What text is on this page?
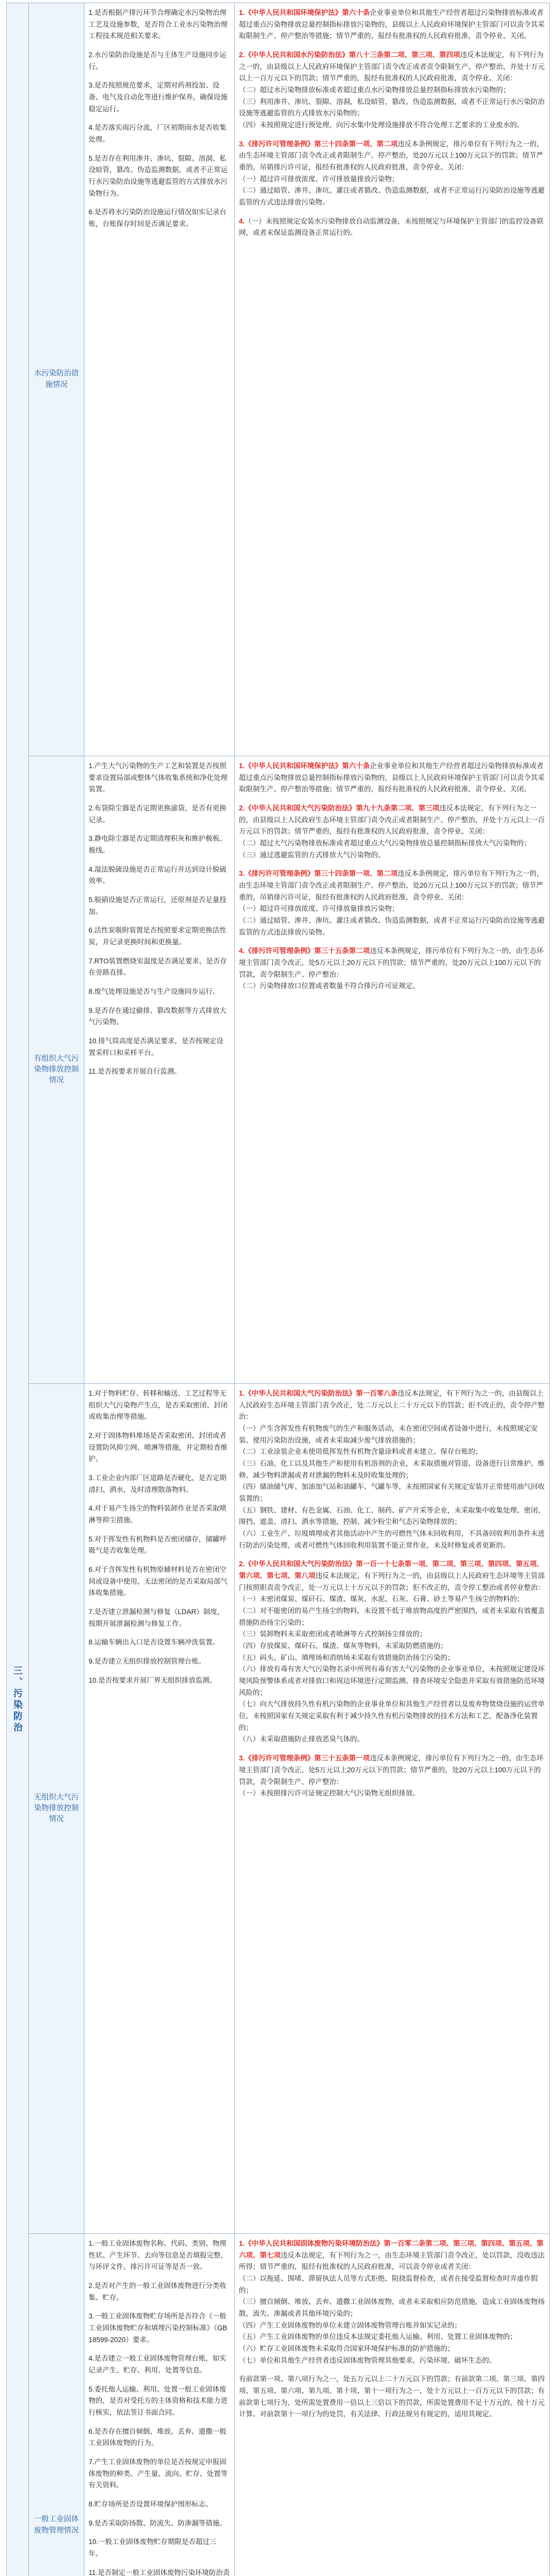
三、污染防治
水污染防治措施情况

1.是否根据产排污环节合理确定水污染物治理工艺及设施参数，是否符合工业水污染物治理工程技术规范相关要求。

2.水污染防治设施是否与主体生产设施同步运行。

3.是否按照规范要求，定期对药剂投加、设备、电气及自动化等进行维护保养，确保设施稳定运行。

4.是否落实雨污分流，厂区初期雨水是否收集处理。

5.是否存在利用渗井、渗坑、裂隙、溶洞、私设暗管，篡改、伪造监测数据，或者不正常运行水污染防治设施等逃避监管的方式排放水污染物行为。

6.是否将水污染防治设施运行情况如实记录台账，台账保存时间是否满足要求。

1.《中华人民共和国环境保护法》第六十条企业事业单位和其他生产经营者超过污染物排放标准或者超过重点污染物排放总量控制指标排放污染物的，县级以上人民政府环境保护主管部门可以责令其采取限制生产、停产整治等措施；情节严重的，报经有批准权的人民政府批准，责令停业、关闭。
2.《中华人民共和国水污染防治法》第八十三条第二项、第三项、第四项违反本法规定，有下列行为之一的，由县级以上人民政府环境保护主管部门责令改正或者责令限制生产、停产整治，并处十万元以上一百万元以下的罚款；情节严重的，报经有批准权的人民政府批准，责令停业、关闭：
（二）超过水污染物排放标准或者超过重点水污染物排放总量控制指标排放水污染物的；
（三）利用渗井、渗坑、裂隙、溶洞，私设暗管，篡改、伪造监测数据，或者不正常运行水污染防治设施等逃避监管的方式排放水污染物的；
（四）未按照规定进行预处理，向污水集中处理设施排放不符合处理工艺要求的工业废水的。
3.《排污许可管理条例》第三十四条第一项、第二项违反本条例规定，排污单位有下列行为之一的，由生态环境主管部门责令改正或者限制生产、停产整治，处20万元以上100万元以下的罚款；情节严重的，吊销排污许可证，报经有批准权的人民政府批准，责令停业、关闭：
（一）超过许可排放浓度、许可排放量排放污染物；
（二）通过暗管、渗井、渗坑、灌注或者篡改、伪造监测数据，或者不正常运行污染防治设施等逃避监管的方式违法排放污染物。
4.（一）未按照规定安装水污染物排放自动监测设备，未按照规定与环境保护主管部门的监控设备联网，或者未保证监测设备正常运行的。
有组织大气污染物排放控制情况

1.产生大气污染物的生产工艺和装置是否按照要求设置局部或整体气体收集系统和净化处理装置。

2.布袋除尘器是否定期更换滤袋，是否有更换记录。

3.静电除尘器是否定期清理积灰和维护极板、极线。

4.湿法脱硫设施是否正常运行并达到设计脱硫效率。

5.脱硝设施是否正常运行，还原剂是否足量投加。

6.活性炭吸附装置是否按照要求定期更换活性炭，并记录更换时间和更换量。

7.RTO装置燃烧室温度是否满足要求，是否存在旁路直排。

8.废气处理设施是否与生产设施同步运行。

9.是否存在通过偷排、篡改数据等方式排放大气污染物。

10.排气筒高度是否满足要求，是否按规定设置采样口和采样平台。

11.是否按要求开展自行监测。

1.《中华人民共和国环境保护法》第六十条企业事业单位和其他生产经营者超过污染物排放标准或者超过重点污染物排放总量控制指标排放污染物的，县级以上人民政府环境保护主管部门可以责令其采取限制生产、停产整治等措施；情节严重的，报经有批准权的人民政府批准，责令停业、关闭。
2.《中华人民共和国大气污染防治法》第九十九条第二项、第三项违反本法规定，有下列行为之一的，由县级以上人民政府生态环境主管部门责令改正或者限制生产、停产整治，并处十万元以上一百万元以下的罚款；情节严重的，报经有批准权的人民政府批准，责令停业、关闭：
（二）超过大气污染物排放标准或者超过重点大气污染物排放总量控制指标排放大气污染物的；
（三）通过逃避监管的方式排放大气污染物的。
3.《排污许可管理条例》第三十四条第一项、第二项违反本条例规定，排污单位有下列行为之一的，由生态环境主管部门责令改正或者限制生产、停产整治，处20万元以上100万元以下的罚款；情节严重的，吊销排污许可证，报经有批准权的人民政府批准，责令停业、关闭：
（一）超过许可排放浓度、许可排放量排放污染物；
（二）通过暗管、渗井、渗坑、灌注或者篡改、伪造监测数据，或者不正常运行污染防治设施等逃避监管的方式违法排放污染物。
4.《排污许可管理条例》第三十五条第二项违反本条例规定，排污单位有下列行为之一的，由生态环境主管部门责令改正，处5万元以上20万元以下的罚款；情节严重的，处20万元以上100万元以下的罚款，责令限制生产、停产整治：
（二）污染物排放口位置或者数量不符合排污许可证规定。
无组织大气污染物排放控制情况

1.对于物料贮存、转移和输送、工艺过程等无组织大气污染物产生点，是否采取密闭、封闭或收集治理等措施。

2.对于固体物料堆场是否采取密闭、封闭或者设置防风抑尘网、喷淋等措施，并定期检查维护。

3.工业企业内部厂区道路是否硬化，是否定期清扫、洒水，及时清理散落物料。

4.对于易产生扬尘的物料装卸作业是否采取喷淋等抑尘措施。

5.对于挥发性有机物料是否密闭储存，储罐呼吸气是否收集处理。

6.对于含挥发性有机物原辅材料是否在密闭空间或设备中使用，无法密闭的是否采取局部气体收集措施。

7.是否建立泄漏检测与修复（LDAR）制度，按期开展泄漏检测与修复工作。

8.运输车辆出入口是否设置车辆冲洗装置。

9.是否建立无组织排放控制管理台账。

10.是否按要求开展厂界无组织排放监测。

1.《中华人民共和国大气污染防治法》第一百零八条违反本法规定，有下列行为之一的，由县级以上人民政府生态环境主管部门责令改正，处二万元以上二十万元以下的罚款；拒不改正的，责令停产整治：
（一）产生含挥发性有机物废气的生产和服务活动，未在密闭空间或者设备中进行，未按照规定安装、使用污染防治设施，或者未采取减少废气排放措施的；
（二）工业涂装企业未使用低挥发性有机物含量涂料或者未建立、保存台账的；
（三）石油、化工以及其他生产和使用有机溶剂的企业，未采取措施对管道、设备进行日常维护、维修，减少物料泄漏或者对泄漏的物料未及时收集处理的；
（四）储油储气库、加油加气站和油罐车、气罐车等，未按照国家有关规定安装并正常使用油气回收装置的；
（五）钢铁、建材、有色金属、石油、化工、制药、矿产开采等企业，未采取集中收集处理、密闭、围挡、遮盖、清扫、洒水等措施，控制、减少粉尘和气态污染物排放的；
（六）工业生产、垃圾填埋或者其他活动中产生的可燃性气体未回收利用，不具备回收利用条件未进行防治污染处理，或者可燃性气体回收利用装置不能正常作业，未及时修复或者更新的。
2.《中华人民共和国大气污染防治法》第一百一十七条第一项、第二项、第三项、第四项、第五项、第六项、第七项、第八项违反本法规定，有下列行为之一的，由县级以上人民政府生态环境等主管部门按照职责责令改正，处一万元以上十万元以下的罚款；拒不改正的，责令停工整治或者停业整治：
（一）未密闭煤炭、煤矸石、煤渣、煤灰、水泥、石灰、石膏、砂土等易产生扬尘的物料的；
（二）对不能密闭的易产生扬尘的物料，未设置不低于堆放物高度的严密围挡，或者未采取有效覆盖措施防治扬尘污染的；
（三）装卸物料未采取密闭或者喷淋等方式控制扬尘排放的；
（四）存放煤炭、煤矸石、煤渣、煤灰等物料，未采取防燃措施的；
（五）码头、矿山、填埋场和消纳场未采取有效措施防治扬尘污染的；
（六）排放有毒有害大气污染物名录中所列有毒有害大气污染物的企业事业单位，未按照规定建设环境风险预警体系或者对排放口和周边环境进行定期监测、排查环境安全隐患并采取有效措施防范环境风险的；
（七）向大气排放持久性有机污染物的企业事业单位和其他生产经营者以及废弃物焚烧设施的运营单位，未按照国家有关规定采取有利于减少持久性有机污染物排放的技术方法和工艺，配备净化装置的；
（八）未采取措施防止排放恶臭气体的。
3.《排污许可管理条例》第三十五条第一项违反本条例规定，排污单位有下列行为之一的，由生态环境主管部门责令改正，处5万元以上20万元以下的罚款；情节严重的，处20万元以上100万元以下的罚款，责令限制生产、停产整治：
（一）未按照排污许可证规定控制大气污染物无组织排放。
一般工业固体废物管理情况

1.一般工业固体废物名称、代码、类别、物理性状、产生环节、去向等信息是否填报完整，与环评文件、排污许可证等是否一致。

2.是否对产生的一般工业固体废物进行分类收集、贮存。

3.一般工业固体废物贮存场所是否符合《一般工业固体废物贮存和填埋污染控制标准》（GB 18599-2020）要求。

4.是否建立一般工业固体废物管理台账，如实记录产生、贮存、利用、处置等信息。

5.委托他人运输、利用、处置一般工业固体废物的，是否对受托方的主体资格和技术能力进行核实，依法签订书面合同。

6.是否存在擅自倾倒、堆放、丢弃、遗撒一般工业固体废物的行为。

7.产生工业固体废物的单位是否按规定申报固体废物的种类、产生量、流向、贮存、处置等有关资料。

8.贮存场所是否设置环境保护图形标志。

9.是否采取防扬散、防流失、防渗漏等措施。

10.一般工业固体废物贮存期限是否超过三年。

11.是否制定一般工业固体废物污染环境防治责

1.《中华人民共和国固体废物污染环境防治法》第一百零二条第二项、第三项、第四项、第五项、第六项、第七项违反本法规定，有下列行为之一，由生态环境主管部门责令改正，处以罚款，没收违法所得；情节严重的，报经有批准权的人民政府批准，可以责令停业或者关闭：
（二）以拖延、围堵、滞留执法人员等方式拒绝、阻挠监督检查，或者在接受监督检查时弄虚作假的；
（三）擅自倾倒、堆放、丢弃、遗撒工业固体废物，或者未采取相应防范措施，造成工业固体废物扬散、流失、渗漏或者其他环境污染的；
（四）产生工业固体废物的单位未建立固体废物管理台账并如实记录的；
（五）产生工业固体废物的单位违反本法规定委托他人运输、利用、处置工业固体废物的；
（六）贮存工业固体废物未采取符合国家环境保护标准的防护措施的；
（七）单位和其他生产经营者违反固体废物管理其他要求，污染环境、破坏生态的。
有前款第一项、第八项行为之一，处五万元以上二十万元以下的罚款；有前款第二项、第三项、第四项、第五项、第六项、第九项、第十项、第十一项行为之一，处十万元以上一百万元以下的罚款；有前款第七项行为，处所需处置费用一倍以上三倍以下的罚款，所需处置费用不足十万元的，按十万元计算。对前款第十一项行为的处罚，有关法律、行政法规另有规定的，适用其规定。
